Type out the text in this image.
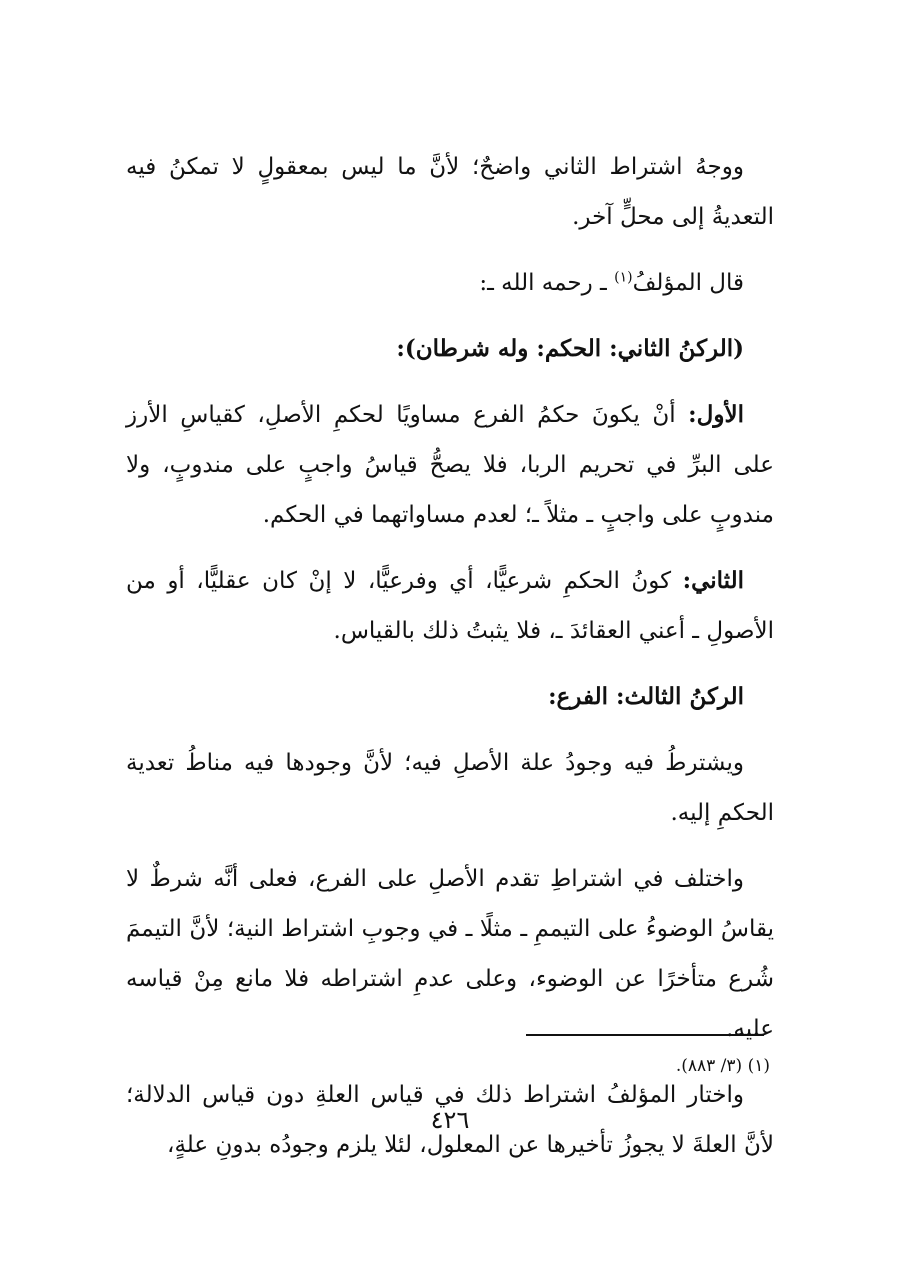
ووجهُ اشتراط الثاني واضحٌ؛ لأنَّ ما ليس بمعقولٍ لا تمكنُ فيه التعديةُ إلى محلٍّ آخر.

قال المؤلفُ$^{(١)}$ ـ رحمه الله ـ:

(الركنُ الثاني: الحكم: وله شرطان):

الأول: أنْ يكونَ حكمُ الفرع مساويًا لحكمِ الأصلِ، كقياسِ الأرز على البرِّ في تحريم الربا، فلا يصحُّ قياسُ واجبٍ على مندوبٍ، ولا مندوبٍ على واجبٍ ـ مثلاً ـ؛ لعدم مساواتهما في الحكم.

الثاني: كونُ الحكمِ شرعيًّا، أي وفرعيًّا، لا إنْ كان عقليًّا، أو من الأصولِ ـ أعني العقائدَ ـ، فلا يثبتُ ذلك بالقياس.

الركنُ الثالث: الفرع:

ويشترطُ فيه وجودُ علة الأصلِ فيه؛ لأنَّ وجودها فيه مناطُ تعدية الحكمِ إليه.

واختلف في اشتراطِ تقدم الأصلِ على الفرع، فعلى أنَّه شرطٌ لا يقاسُ الوضوءُ على التيممِ ـ مثلًا ـ في وجوبِ اشتراط النية؛ لأنَّ التيممَ شُرع متأخرًا عن الوضوء، وعلى عدمِ اشتراطه فلا مانع مِنْ قياسه عليه.

واختار المؤلفُ اشتراط ذلك في قياس العلةِ دون قياس الدلالة؛ لأنَّ العلةَ لا يجوزُ تأخيرها عن المعلول، لئلا يلزم وجودُه بدونِ علةٍ،

(١) (٣/ ٨٨٣).
٤٢٦
